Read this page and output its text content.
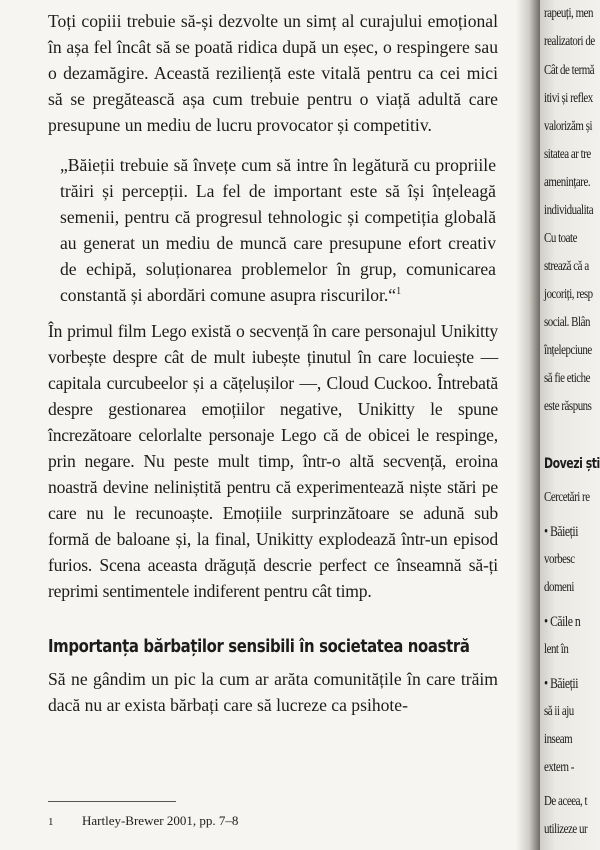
Toți copiii trebuie să-și dezvolte un simț al curajului emoțional în așa fel încât să se poată ridica după un eșec, o respingere sau o dezamăgire. Această reziliență este vitală pentru ca cei mici să se pregătească așa cum trebuie pentru o viață adultă care presupune un mediu de lucru provocator și competitiv.

„Băieții trebuie să învețe cum să intre în legătură cu propriile trăiri și percepții. La fel de important este să își înțeleagă semenii, pentru că progresul tehnologic și competiția globală au generat un mediu de muncă care presupune efort creativ de echipă, soluționarea problemelor în grup, comunicarea constantă și abordări comune asupra riscurilor.“$^1$

În primul film Lego există o secvență în care personajul Unikitty vorbește despre cât de mult iubește ținutul în care locuiește — capitala curcubeelor și a cățelușilor —, Cloud Cuckoo. Întrebată despre gestionarea emoțiilor negative, Unikitty le spune încrezătoare celorlalte personaje Lego că de obicei le respinge, prin negare. Nu peste mult timp, într-o altă secvență, eroina noastră devine neliniștită pentru că experimentează niște stări pe care nu le recunoaște. Emoțiile surprinzătoare se adună sub formă de baloane și, la final, Unikitty explodează într-un episod furios. Scena aceasta drăguță descrie perfect ce înseamnă să-ți reprimi sentimentele indiferent pentru cât timp.

Importanța bărbaților sensibili în societatea noastră

Să ne gândim un pic la cum ar arăta comunitățile în care trăim dacă nu ar exista bărbați care să lucreze ca psihote-

1 Hartley-Brewer 2001, pp. 7–8
rapeuți, men
realizatori de
Cât de termă
itivi și reflex
valorizăm și
sitatea ar tre
amenințare.
individualita
Cu toate
strează că a
jocoriți, resp
social. Blân
înțelepciune
să fie etiche
este răspuns
Dovezi ști
Cercetări re
• Băieții
vorbesc
domeni
• Căile n
lent în
• Băieții
să ii aju
inseam
extern -
De aceea, t
utilizeze ur
